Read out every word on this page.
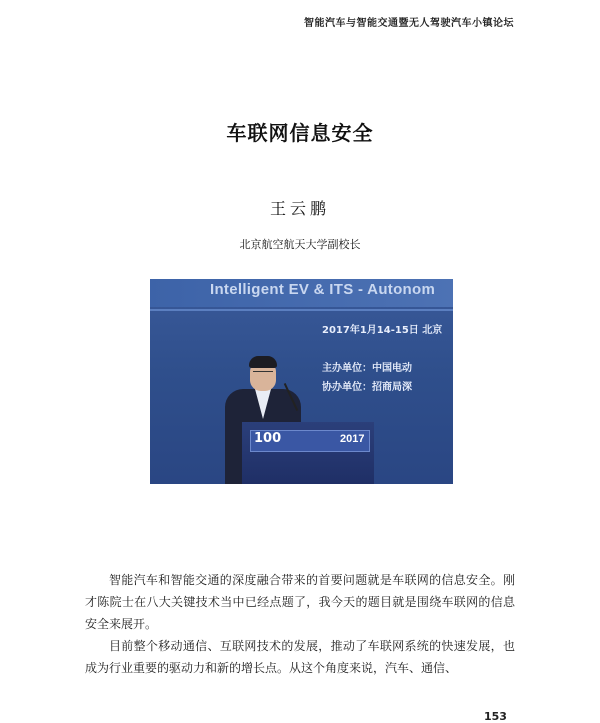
智能汽车与智能交通暨无人驾驶汽车小镇论坛
车联网信息安全
王云鹏
北京航空航天大学副校长
Intelligent EV & ITS - Autonom
2017年1月14-15日 北京
主办单位：中国电动
协办单位：招商局深
100	2017

智能汽车和智能交通的深度融合带来的首要问题就是车联网的信息安全。刚才陈院士在八大关键技术当中已经点题了，我今天的题目就是围绕车联网的信息安全来展开。

目前整个移动通信、互联网技术的发展，推动了车联网系统的快速发展，也成为行业重要的驱动力和新的增长点。从这个角度来说，汽车、通信、

153
